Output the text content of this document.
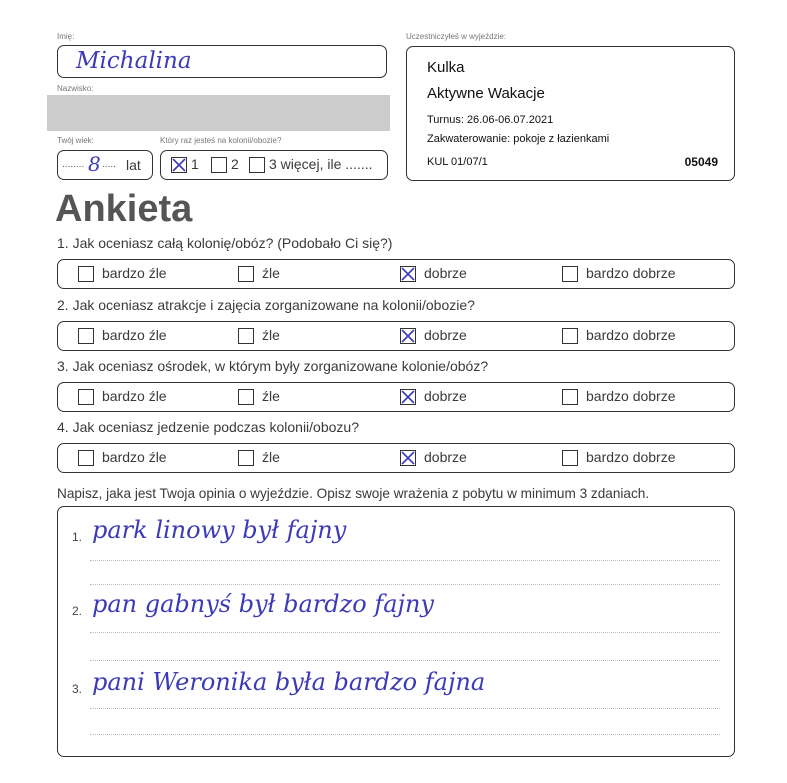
Imię:
Michalina
Nazwisko:
Twój wiek:
........ 8 ..... lat
Który raz jesteś na kolonii/obozie?
1 2 3 więcej, ile .......
Uczestniczyłeś w wyjeździe:
Kulka
Aktywne Wakacje
Turnus: 26.06-06.07.2021
Zakwaterowanie: pokoje z łazienkami
KUL 01/07/1	05049
Ankieta
1. Jak oceniasz całą kolonię/obóz? (Podobało Ci się?)
bardzo źle	źle	dobrze	bardzo dobrze
2. Jak oceniasz atrakcje i zajęcia zorganizowane na kolonii/obozie?
bardzo źle	źle	dobrze	bardzo dobrze
3. Jak oceniasz ośrodek, w którym były zorganizowane kolonie/obóz?
bardzo źle	źle	dobrze	bardzo dobrze
4. Jak oceniasz jedzenie podczas kolonii/obozu?
bardzo źle	źle	dobrze	bardzo dobrze
Napisz, jaka jest Twoja opinia o wyjeździe. Opisz swoje wrażenia z pobytu w minimum 3 zdaniach.
1. park linowy był fajny
2. pan gabnyś był bardzo fajny
3. pani Weronika była bardzo fajna
